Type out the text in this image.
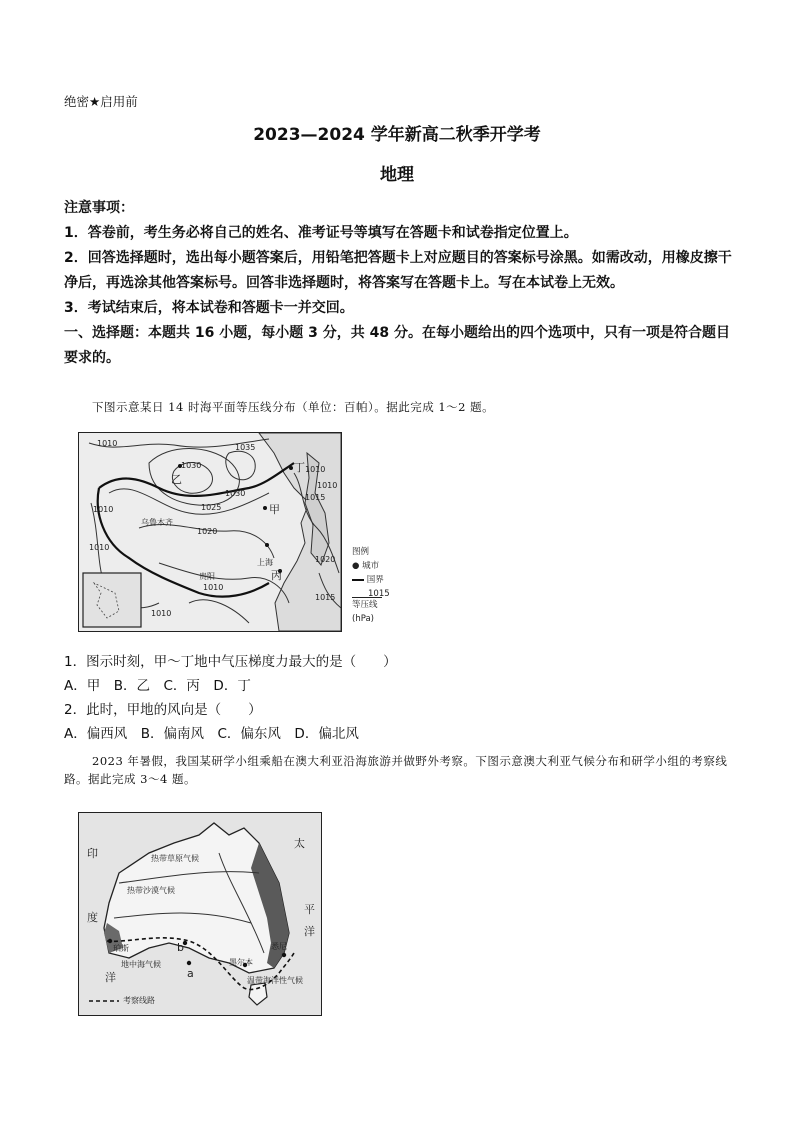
绝密★启用前
2023—2024 学年新高二秋季开学考
地理

注意事项：

1．答卷前，考生务必将自己的姓名、准考证号等填写在答题卡和试卷指定位置上。

2．回答选择题时，选出每小题答案后，用铅笔把答题卡上对应题目的答案标号涂黑。如需改动，用橡皮擦干净后，再选涂其他答案标号。回答非选择题时，将答案写在答题卡上。写在本试卷上无效。

3．考试结束后，将本试卷和答题卡一并交回。

一、选择题：本题共 16 小题，每小题 3 分，共 48 分。在每小题给出的四个选项中，只有一项是符合题目要求的。

下图示意某日 14 时海平面等压线分布（单位：百帕）。据此完成 1～2 题。
1010
1030
1035
1030
1025
1020
1010
1010
1010
1015
1010
1020
1015
1010
1010
乌鲁木齐
贵阳
上海
甲
乙
丙
丁
图例
● 城市
国界
1015
等压线
(hPa)
1．图示时刻，甲～丁地中气压梯度力最大的是（　　）
A．甲　B．乙　C．丙　D．丁
2．此时，甲地的风向是（　　）
A．偏西风　B．偏南风　C．偏东风　D．偏北风
2023 年暑假，我国某研学小组乘船在澳大利亚沿海旅游并做野外考察。下图示意澳大利亚气候分布和研学小组的考察线路。据此完成 3～4 题。
印
度
洋
太
平
洋
热带草原气候
热带沙漠气候
地中海气候
温带海洋性气候
珀斯
墨尔本
悉尼
a
b
考察线路
